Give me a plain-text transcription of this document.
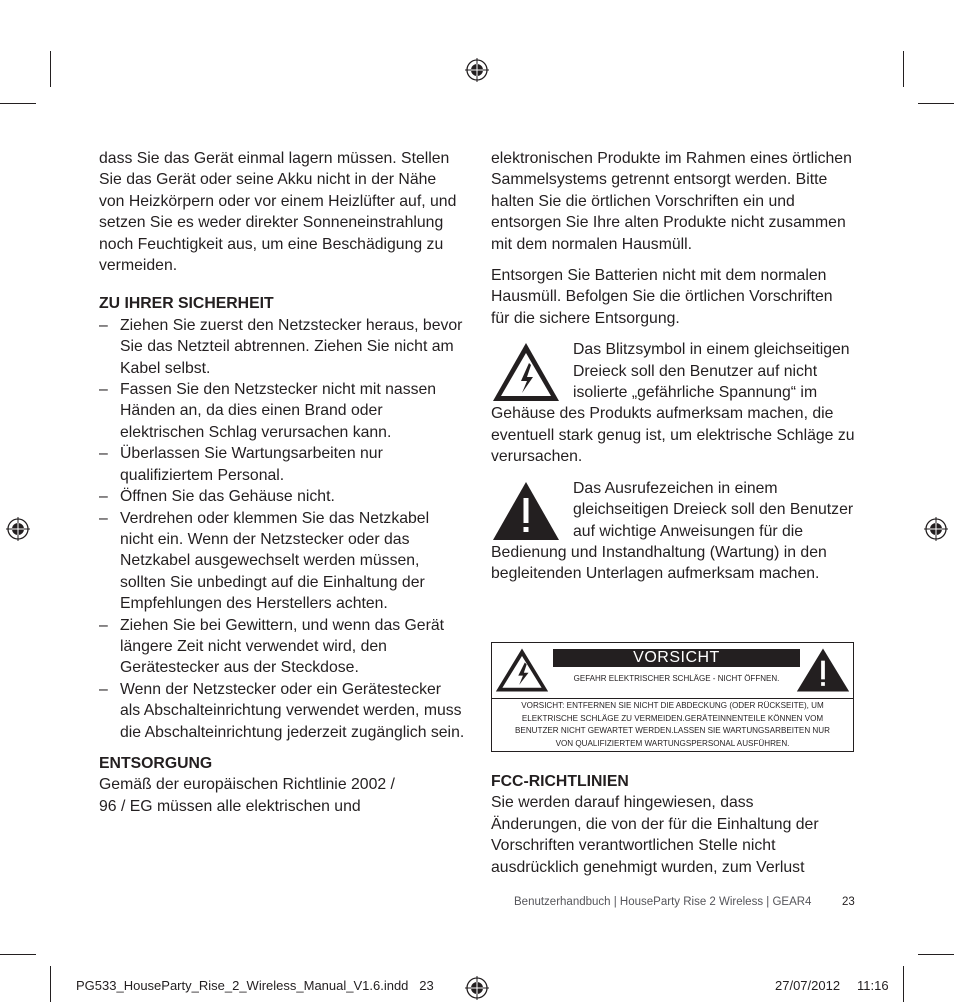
dass Sie das Gerät einmal lagern müssen. Stellen Sie das Gerät oder seine Akku nicht in der Nähe von Heizkörpern oder vor einem Heizlüfter auf, und setzen Sie es weder direkter Sonneneinstrahlung noch Feuchtigkeit aus, um eine Beschädigung zu vermeiden.

ZU IHRER SICHERHEIT

– Ziehen Sie zuerst den Netzstecker heraus, bevor Sie das Netzteil abtrennen. Ziehen Sie nicht am Kabel selbst.

– Fassen Sie den Netzstecker nicht mit nassen Händen an, da dies einen Brand oder elektrischen Schlag verursachen kann.

– Überlassen Sie Wartungsarbeiten nur qualifiziertem Personal.

– Öffnen Sie das Gehäuse nicht.

– Verdrehen oder klemmen Sie das Netzkabel nicht ein. Wenn der Netzstecker oder das Netzkabel ausgewechselt werden müssen, sollten Sie unbedingt auf die Einhaltung der Empfehlungen des Herstellers achten.

– Ziehen Sie bei Gewittern, und wenn das Gerät längere Zeit nicht verwendet wird, den Gerätestecker aus der Steckdose.

– Wenn der Netzstecker oder ein Gerätestecker als Abschalteinrichtung verwendet werden, muss die Abschalteinrichtung jederzeit zugänglich sein.

ENTSORGUNG

Gemäß der europäischen Richtlinie 2002 / 96 / EG müssen alle elektrischen und

elektronischen Produkte im Rahmen eines örtlichen Sammelsystems getrennt entsorgt werden. Bitte halten Sie die örtlichen Vorschriften ein und entsorgen Sie Ihre alten Produkte nicht zusammen mit dem normalen Hausmüll.

Entsorgen Sie Batterien nicht mit dem normalen Hausmüll. Befolgen Sie die örtlichen Vorschriften für die sichere Entsorgung.

Das Blitzsymbol in einem gleichseitigen Dreieck soll den Benutzer auf nicht isolierte „gefährliche Spannung“ im Gehäuse des Produkts aufmerksam machen, die eventuell stark genug ist, um elektrische Schläge zu verursachen.

Das Ausrufezeichen in einem gleichseitigen Dreieck soll den Benutzer auf wichtige Anweisungen für die Bedienung und Instandhaltung (Wartung) in den begleitenden Unterlagen aufmerksam machen.

VORSICHT
GEFAHR ELEKTRISCHER SCHLÄGE - NICHT ÖFFNEN.
VORSICHT: ENTFERNEN SIE NICHT DIE ABDECKUNG (ODER RÜCKSEITE), UM
ELEKTRISCHE SCHLÄGE ZU VERMEIDEN.GERÄTEINNENTEILE KÖNNEN VOM
BENUTZER NICHT GEWARTET WERDEN.LASSEN SIE WARTUNGSARBEITEN NUR
VON QUALIFIZIERTEM WARTUNGSPERSONAL AUSFÜHREN.

FCC-RICHTLINIEN

Sie werden darauf hingewiesen, dass Änderungen, die von der für die Einhaltung der Vorschriften verantwortlichen Stelle nicht ausdrücklich genehmigt wurden, zum Verlust

Benutzerhandbuch | HouseParty Rise 2 Wireless | GEAR4	23
PG533_HouseParty_Rise_2_Wireless_Manual_V1.6.indd   23	27/07/2012 11:16
